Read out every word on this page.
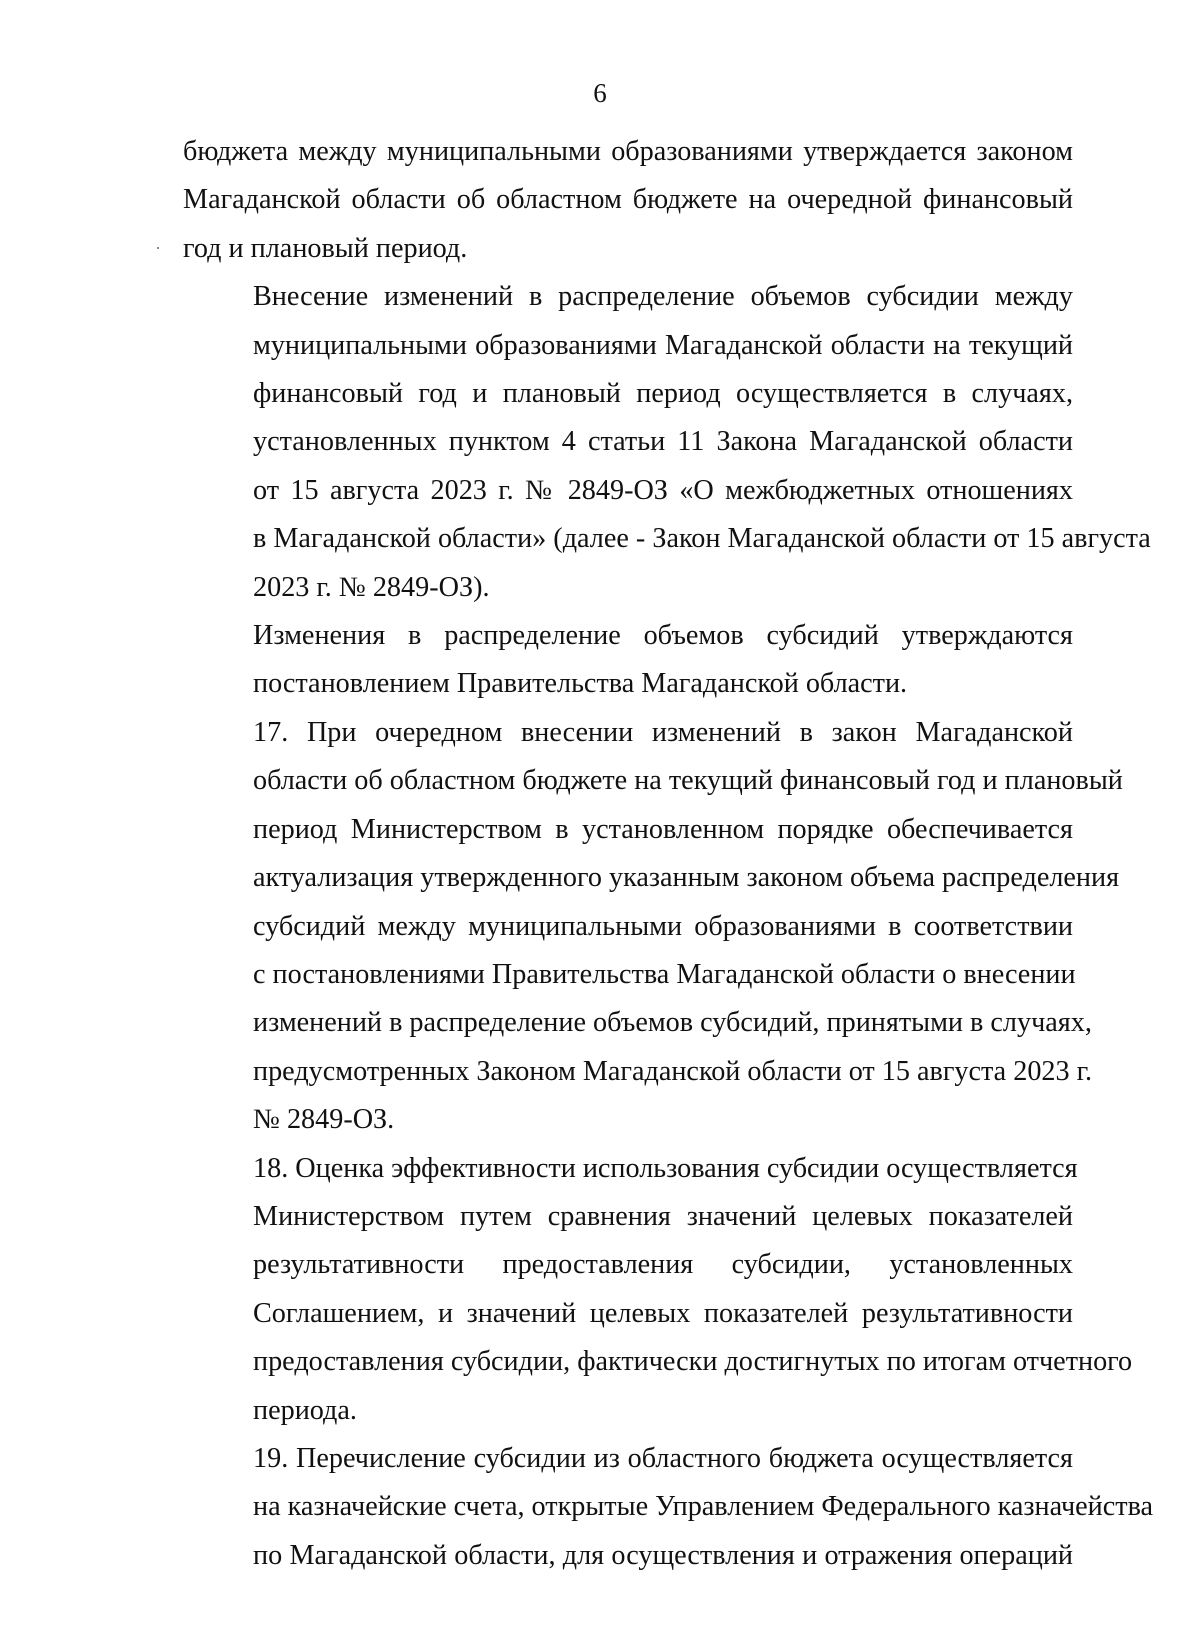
6
бюджета между муниципальными образованиями утверждается законом
Магаданской области об областном бюджете на очередной финансовый
год и плановый период.
Внесение изменений в распределение объемов субсидии между
муниципальными образованиями Магаданской области на текущий
финансовый год и плановый период осуществляется в случаях,
установленных пунктом 4 статьи 11 Закона Магаданской области
от 15 августа 2023 г. № 2849-ОЗ «О межбюджетных отношениях
в Магаданской области» (далее - Закон Магаданской области от 15 августа
2023 г. № 2849-ОЗ).
Изменения в распределение объемов субсидий утверждаются
постановлением Правительства Магаданской области.
17. При очередном внесении изменений в закон Магаданской
области об областном бюджете на текущий финансовый год и плановый
период Министерством в установленном порядке обеспечивается
актуализация утвержденного указанным законом объема распределения
субсидий между муниципальными образованиями в соответствии
с постановлениями Правительства Магаданской области о внесении
изменений в распределение объемов субсидий, принятыми в случаях,
предусмотренных Законом Магаданской области от 15 августа 2023 г.
№ 2849-ОЗ.
18. Оценка эффективности использования субсидии осуществляется
Министерством путем сравнения значений целевых показателей
результативности предоставления субсидии, установленных
Соглашением, и значений целевых показателей результативности
предоставления субсидии, фактически достигнутых по итогам отчетного
периода.
19. Перечисление субсидии из областного бюджета осуществляется
на казначейские счета, открытые Управлением Федерального казначейства
по Магаданской области, для осуществления и отражения операций
